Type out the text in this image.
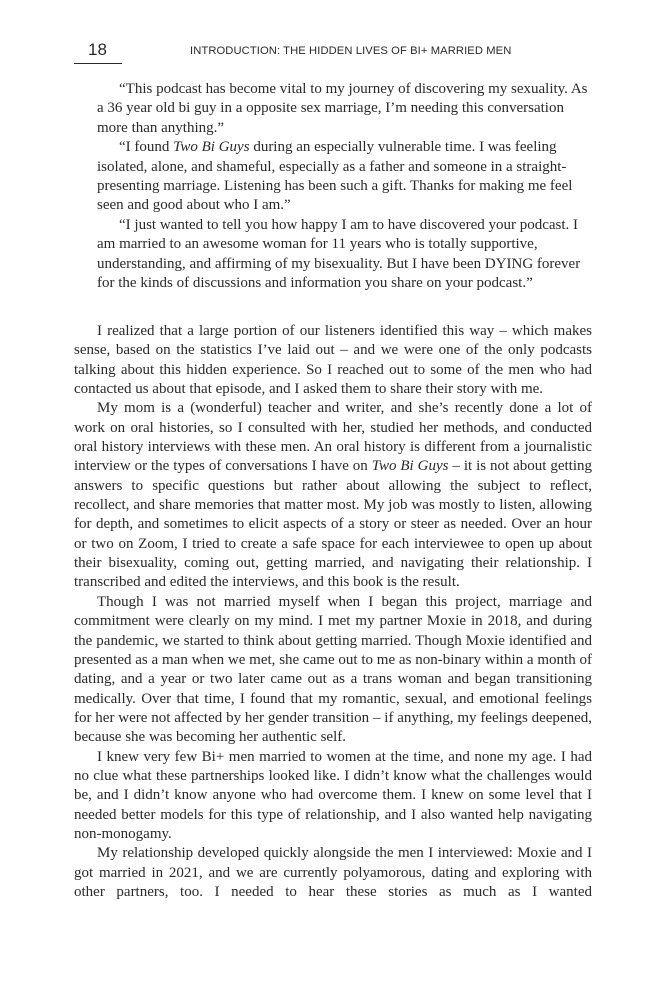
18	INTRODUCTION: THE HIDDEN LIVES OF BI+ MARRIED MEN

“This podcast has become vital to my journey of discovering my sexuality. As a 36 year old bi guy in a opposite sex marriage, I’m needing this conversation more than anything.”

“I found Two Bi Guys during an especially vulnerable time. I was feeling isolated, alone, and shameful, especially as a father and someone in a straight-presenting marriage. Listening has been such a gift. Thanks for making me feel seen and good about who I am.”

“I just wanted to tell you how happy I am to have discovered your podcast. I am married to an awesome woman for 11 years who is totally supportive, understanding, and affirming of my bisexuality. But I have been DYING forever for the kinds of discussions and information you share on your podcast.”

I realized that a large portion of our listeners identified this way – which makes sense, based on the statistics I’ve laid out – and we were one of the only podcasts talking about this hidden experience. So I reached out to some of the men who had contacted us about that episode, and I asked them to share their story with me.

My mom is a (wonderful) teacher and writer, and she’s recently done a lot of work on oral histories, so I consulted with her, studied her methods, and conducted oral history interviews with these men. An oral history is different from a journalistic interview or the types of conversations I have on Two Bi Guys – it is not about getting answers to specific questions but rather about allowing the subject to reflect, recollect, and share memories that matter most. My job was mostly to listen, allowing for depth, and sometimes to elicit aspects of a story or steer as needed. Over an hour or two on Zoom, I tried to create a safe space for each interviewee to open up about their bisexuality, coming out, getting married, and navigating their relationship. I transcribed and edited the interviews, and this book is the result.

Though I was not married myself when I began this project, marriage and commitment were clearly on my mind. I met my partner Moxie in 2018, and during the pandemic, we started to think about getting married. Though Moxie identified and presented as a man when we met, she came out to me as non-binary within a month of dating, and a year or two later came out as a trans woman and began transitioning medically. Over that time, I found that my romantic, sexual, and emotional feelings for her were not affected by her gender transition – if anything, my feelings deepened, because she was becoming her authentic self.

I knew very few Bi+ men married to women at the time, and none my age. I had no clue what these partnerships looked like. I didn’t know what the challenges would be, and I didn’t know anyone who had overcome them. I knew on some level that I needed better models for this type of relationship, and I also wanted help navigating non-monogamy.

My relationship developed quickly alongside the men I interviewed: Moxie and I got married in 2021, and we are currently polyamorous, dating and exploring with other partners, too. I needed to hear these stories as much as I wanted
